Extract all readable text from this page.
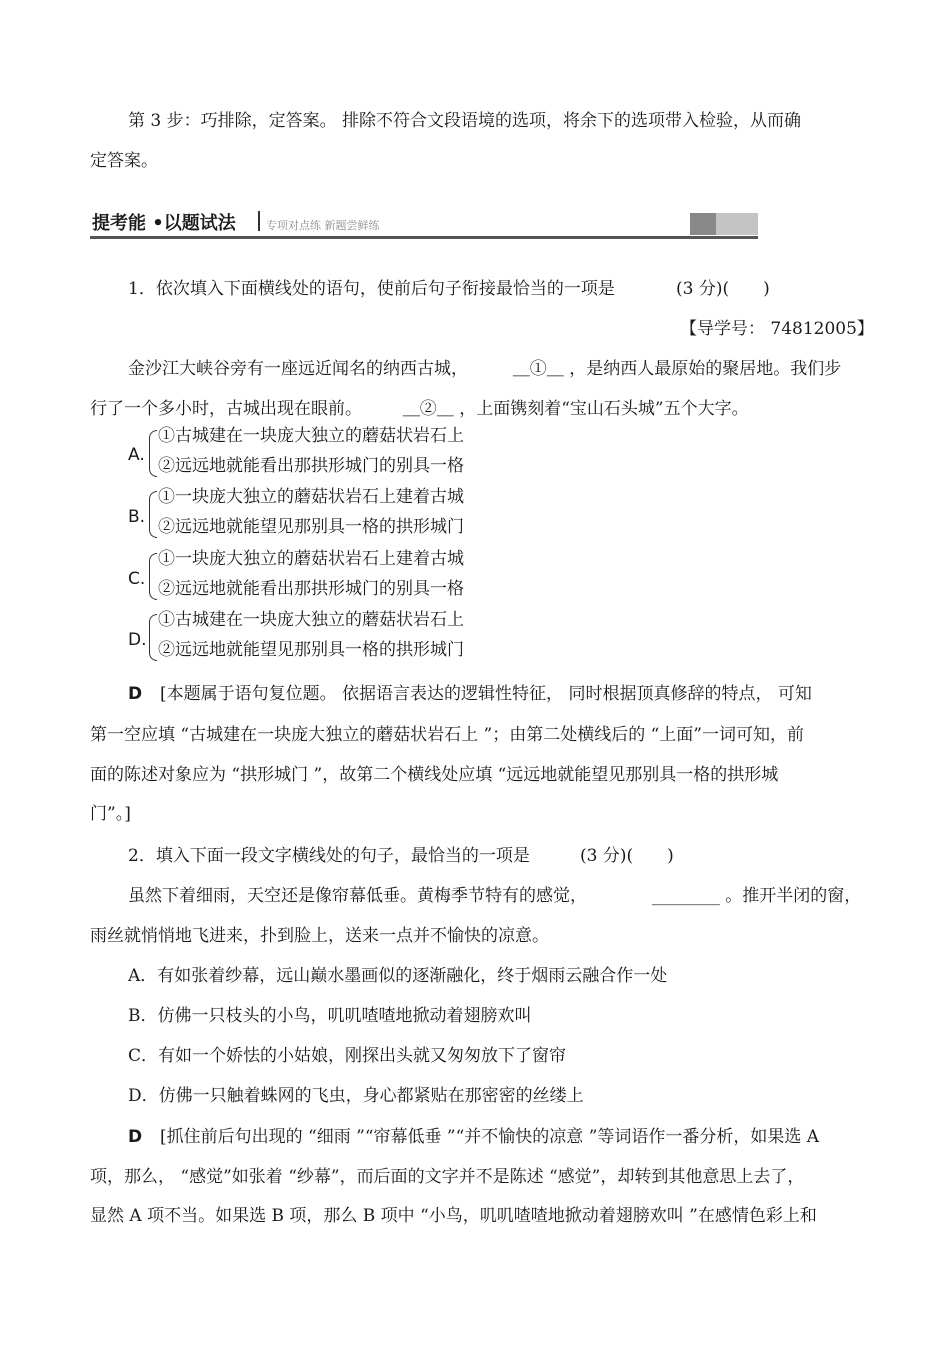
第 3 步：巧排除，定答案。 排除不符合文段语境的选项，将余下的选项带入检验，从而确
定答案。
提考能 •以题试法	专项对点练 新题尝鲜练
1．依次填入下面横线处的语句，使前后句子衔接最恰当的一项是	(3 分)(　　)
【导学号： 74812005】
金沙江大峡谷旁有一座远近闻名的纳西古城，	＿①＿ ，是纳西人最原始的聚居地。我们步
行了一个多小时，古城出现在眼前。 ＿②＿ ，上面镌刻着“宝山石头城”五个大字。
A.
①古城建在一块庞大独立的蘑菇状岩石上
②远远地就能看出那拱形城门的别具一格
B.
①一块庞大独立的蘑菇状岩石上建着古城
②远远地就能望见那别具一格的拱形城门
C.
①一块庞大独立的蘑菇状岩石上建着古城
②远远地就能看出那拱形城门的别具一格
D.
①古城建在一块庞大独立的蘑菇状岩石上
②远远地就能望见那别具一格的拱形城门
D [本题属于语句复位题。 依据语言表达的逻辑性特征， 同时根据顶真修辞的特点， 可知
第一空应填 “古城建在一块庞大独立的蘑菇状岩石上 ”；由第二处横线后的 “上面”一词可知，前
面的陈述对象应为 “拱形城门 ”，故第二个横线处应填 “远远地就能望见那别具一格的拱形城
门”。]
2．填入下面一段文字横线处的句子，最恰当的一项是	(3 分)(　　)
虽然下着细雨，天空还是像帘幕低垂。黄梅季节特有的感觉，	________ 。推开半闭的窗，
雨丝就悄悄地飞进来，扑到脸上，送来一点并不愉快的凉意。
A．有如张着纱幕，远山巅水墨画似的逐渐融化，终于烟雨云融合作一处
B．仿佛一只枝头的小鸟，叽叽喳喳地掀动着翅膀欢叫
C．有如一个娇怯的小姑娘，刚探出头就又匆匆放下了窗帘
D．仿佛一只触着蛛网的飞虫，身心都紧贴在那密密的丝缕上
D [抓住前后句出现的 “细雨 ”“帘幕低垂 ”“并不愉快的凉意 ”等词语作一番分析，如果选 A
项，那么， “感觉”如张着 “纱幕”，而后面的文字并不是陈述 “感觉”，却转到其他意思上去了，
显然 A 项不当。如果选 B 项，那么 B 项中 “小鸟，叽叽喳喳地掀动着翅膀欢叫 ”在感情色彩上和
